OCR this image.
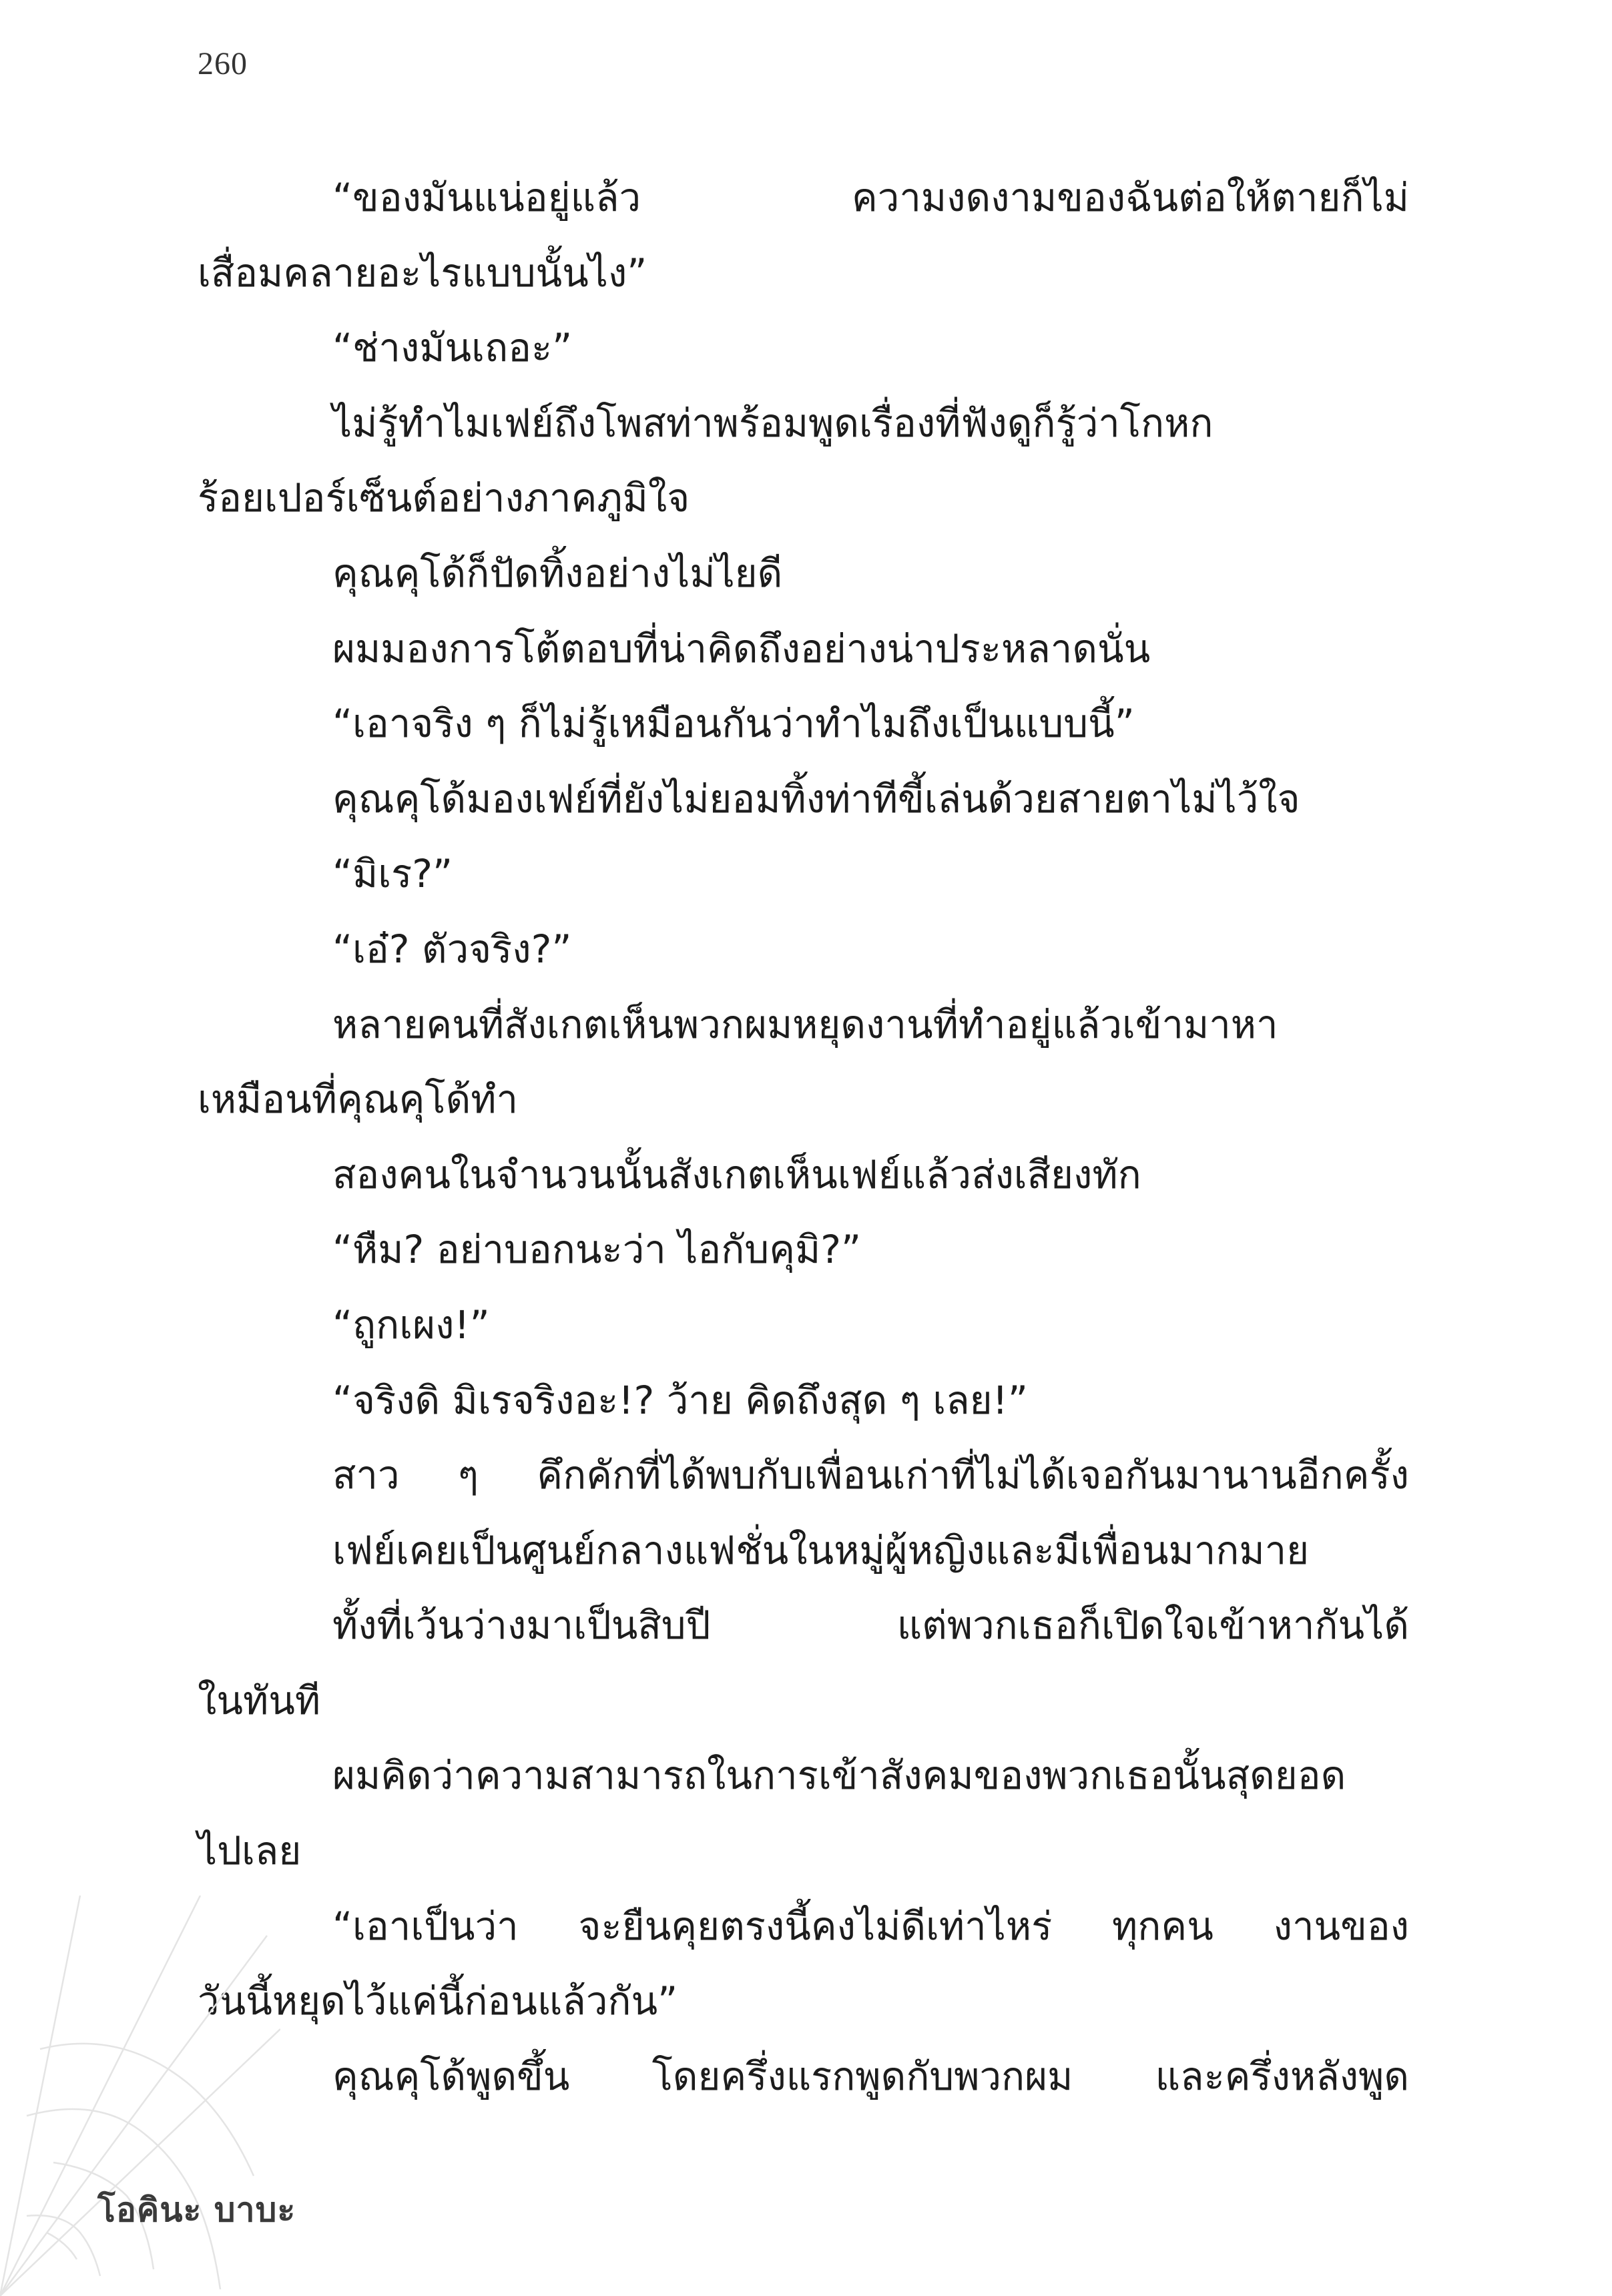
260
“ของมันแน่อยู่แล้ว ความงดงามของฉันต่อให้ตายก็ไม่
เสื่อมคลายอะไรแบบนั้นไง”
“ช่างมันเถอะ”
ไม่รู้ทำไมเฟย์ถึงโพสท่าพร้อมพูดเรื่องที่ฟังดูก็รู้ว่าโกหก
ร้อยเปอร์เซ็นต์อย่างภาคภูมิใจ
คุณคุโด้ก็ปัดทิ้งอย่างไม่ไยดี
ผมมองการโต้ตอบที่น่าคิดถึงอย่างน่าประหลาดนั่น
“เอาจริง ๆ ก็ไม่รู้เหมือนกันว่าทำไมถึงเป็นแบบนี้”
คุณคุโด้มองเฟย์ที่ยังไม่ยอมทิ้งท่าทีขี้เล่นด้วยสายตาไม่ไว้ใจ
“มิเร?”
“เอ๋? ตัวจริง?”
หลายคนที่สังเกตเห็นพวกผมหยุดงานที่ทำอยู่แล้วเข้ามาหา
เหมือนที่คุณคุโด้ทำ
สองคนในจำนวนนั้นสังเกตเห็นเฟย์แล้วส่งเสียงทัก
“หืม? อย่าบอกนะว่า ไอกับคุมิ?”
“ถูกเผง!”
“จริงดิ มิเรจริงอะ!? ว้าย คิดถึงสุด ๆ เลย!”
สาว ๆ คึกคักที่ได้พบกับเพื่อนเก่าที่ไม่ได้เจอกันมานานอีกครั้ง
เฟย์เคยเป็นศูนย์กลางแฟชั่นในหมู่ผู้หญิงและมีเพื่อนมากมาย
ทั้งที่เว้นว่างมาเป็นสิบปี แต่พวกเธอก็เปิดใจเข้าหากันได้
ในทันที
ผมคิดว่าความสามารถในการเข้าสังคมของพวกเธอนั้นสุดยอด
ไปเลย
“เอาเป็นว่า จะยืนคุยตรงนี้คงไม่ดีเท่าไหร่ ทุกคน งานของ
วันนี้หยุดไว้แค่นี้ก่อนแล้วกัน”
คุณคุโด้พูดขึ้น โดยครึ่งแรกพูดกับพวกผม และครึ่งหลังพูด
โอคินะ บาบะ
